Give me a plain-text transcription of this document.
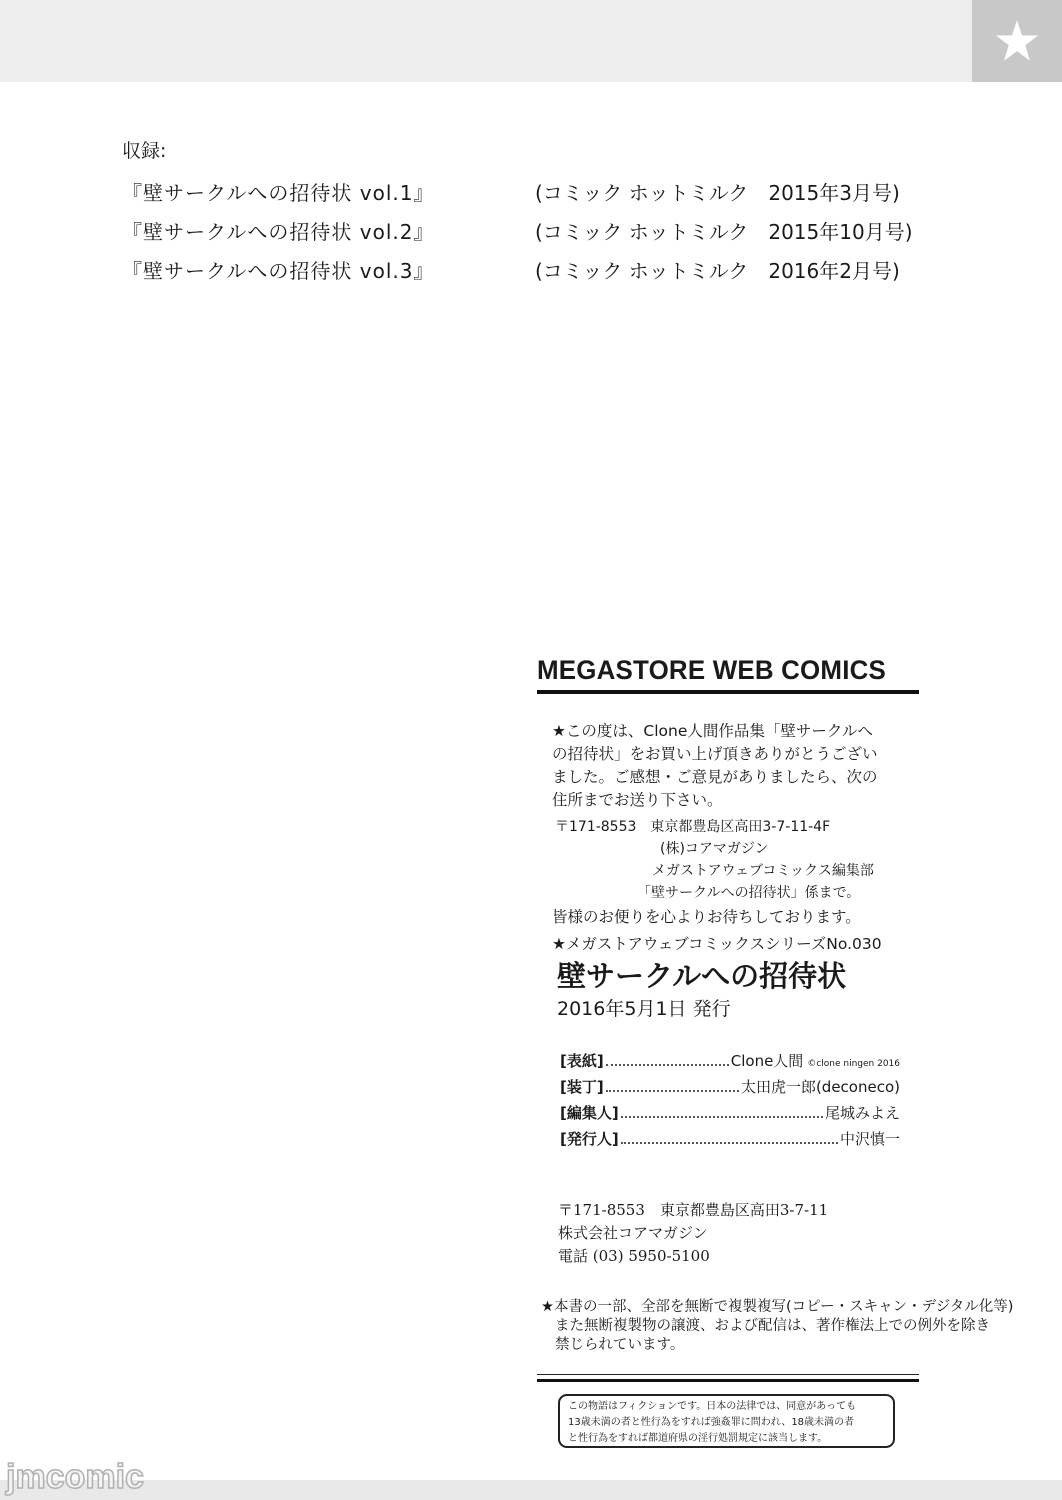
収録:
『壁サークルへの招待状 vol.1』	(コミック ホットミルク　2015年3月号)
『壁サークルへの招待状 vol.2』	(コミック ホットミルク　2015年10月号)
『壁サークルへの招待状 vol.3』	(コミック ホットミルク　2016年2月号)
MEGASTORE WEB COMICS
★この度は、Clone人間作品集「壁サークルへ
の招待状」をお買い上げ頂きありがとうござい
ました。ご感想・ご意見がありましたら、次の
住所までお送り下さい。
〒171-8553　東京都豊島区高田3-7-11-4F
(株)コアマガジン
メガストアウェブコミックス編集部
「壁サークルへの招待状」係まで。
皆様のお便りを心よりお待ちしております。
★メガストアウェブコミックスシリーズNo.030
壁サークルへの招待状
2016年5月1日 発行
[表紙]	Clone人間 ©clone ningen 2016
[装丁]	太田虎一郎(deconeco)
[編集人]	尾城みよえ
[発行人]	中沢慎一
〒171-8553　東京都豊島区高田3-7-11
株式会社コアマガジン
電話 (03) 5950-5100
★本書の一部、全部を無断で複製複写(コピー・スキャン・デジタル化等)
また無断複製物の譲渡、および配信は、著作権法上での例外を除き
禁じられています。
この物語はフィクションです。日本の法律では、同意があっても
13歳未満の者と性行為をすれば強姦罪に問われ、18歳未満の者
と性行為をすれば都道府県の淫行処罰規定に該当します。
jmcomic
